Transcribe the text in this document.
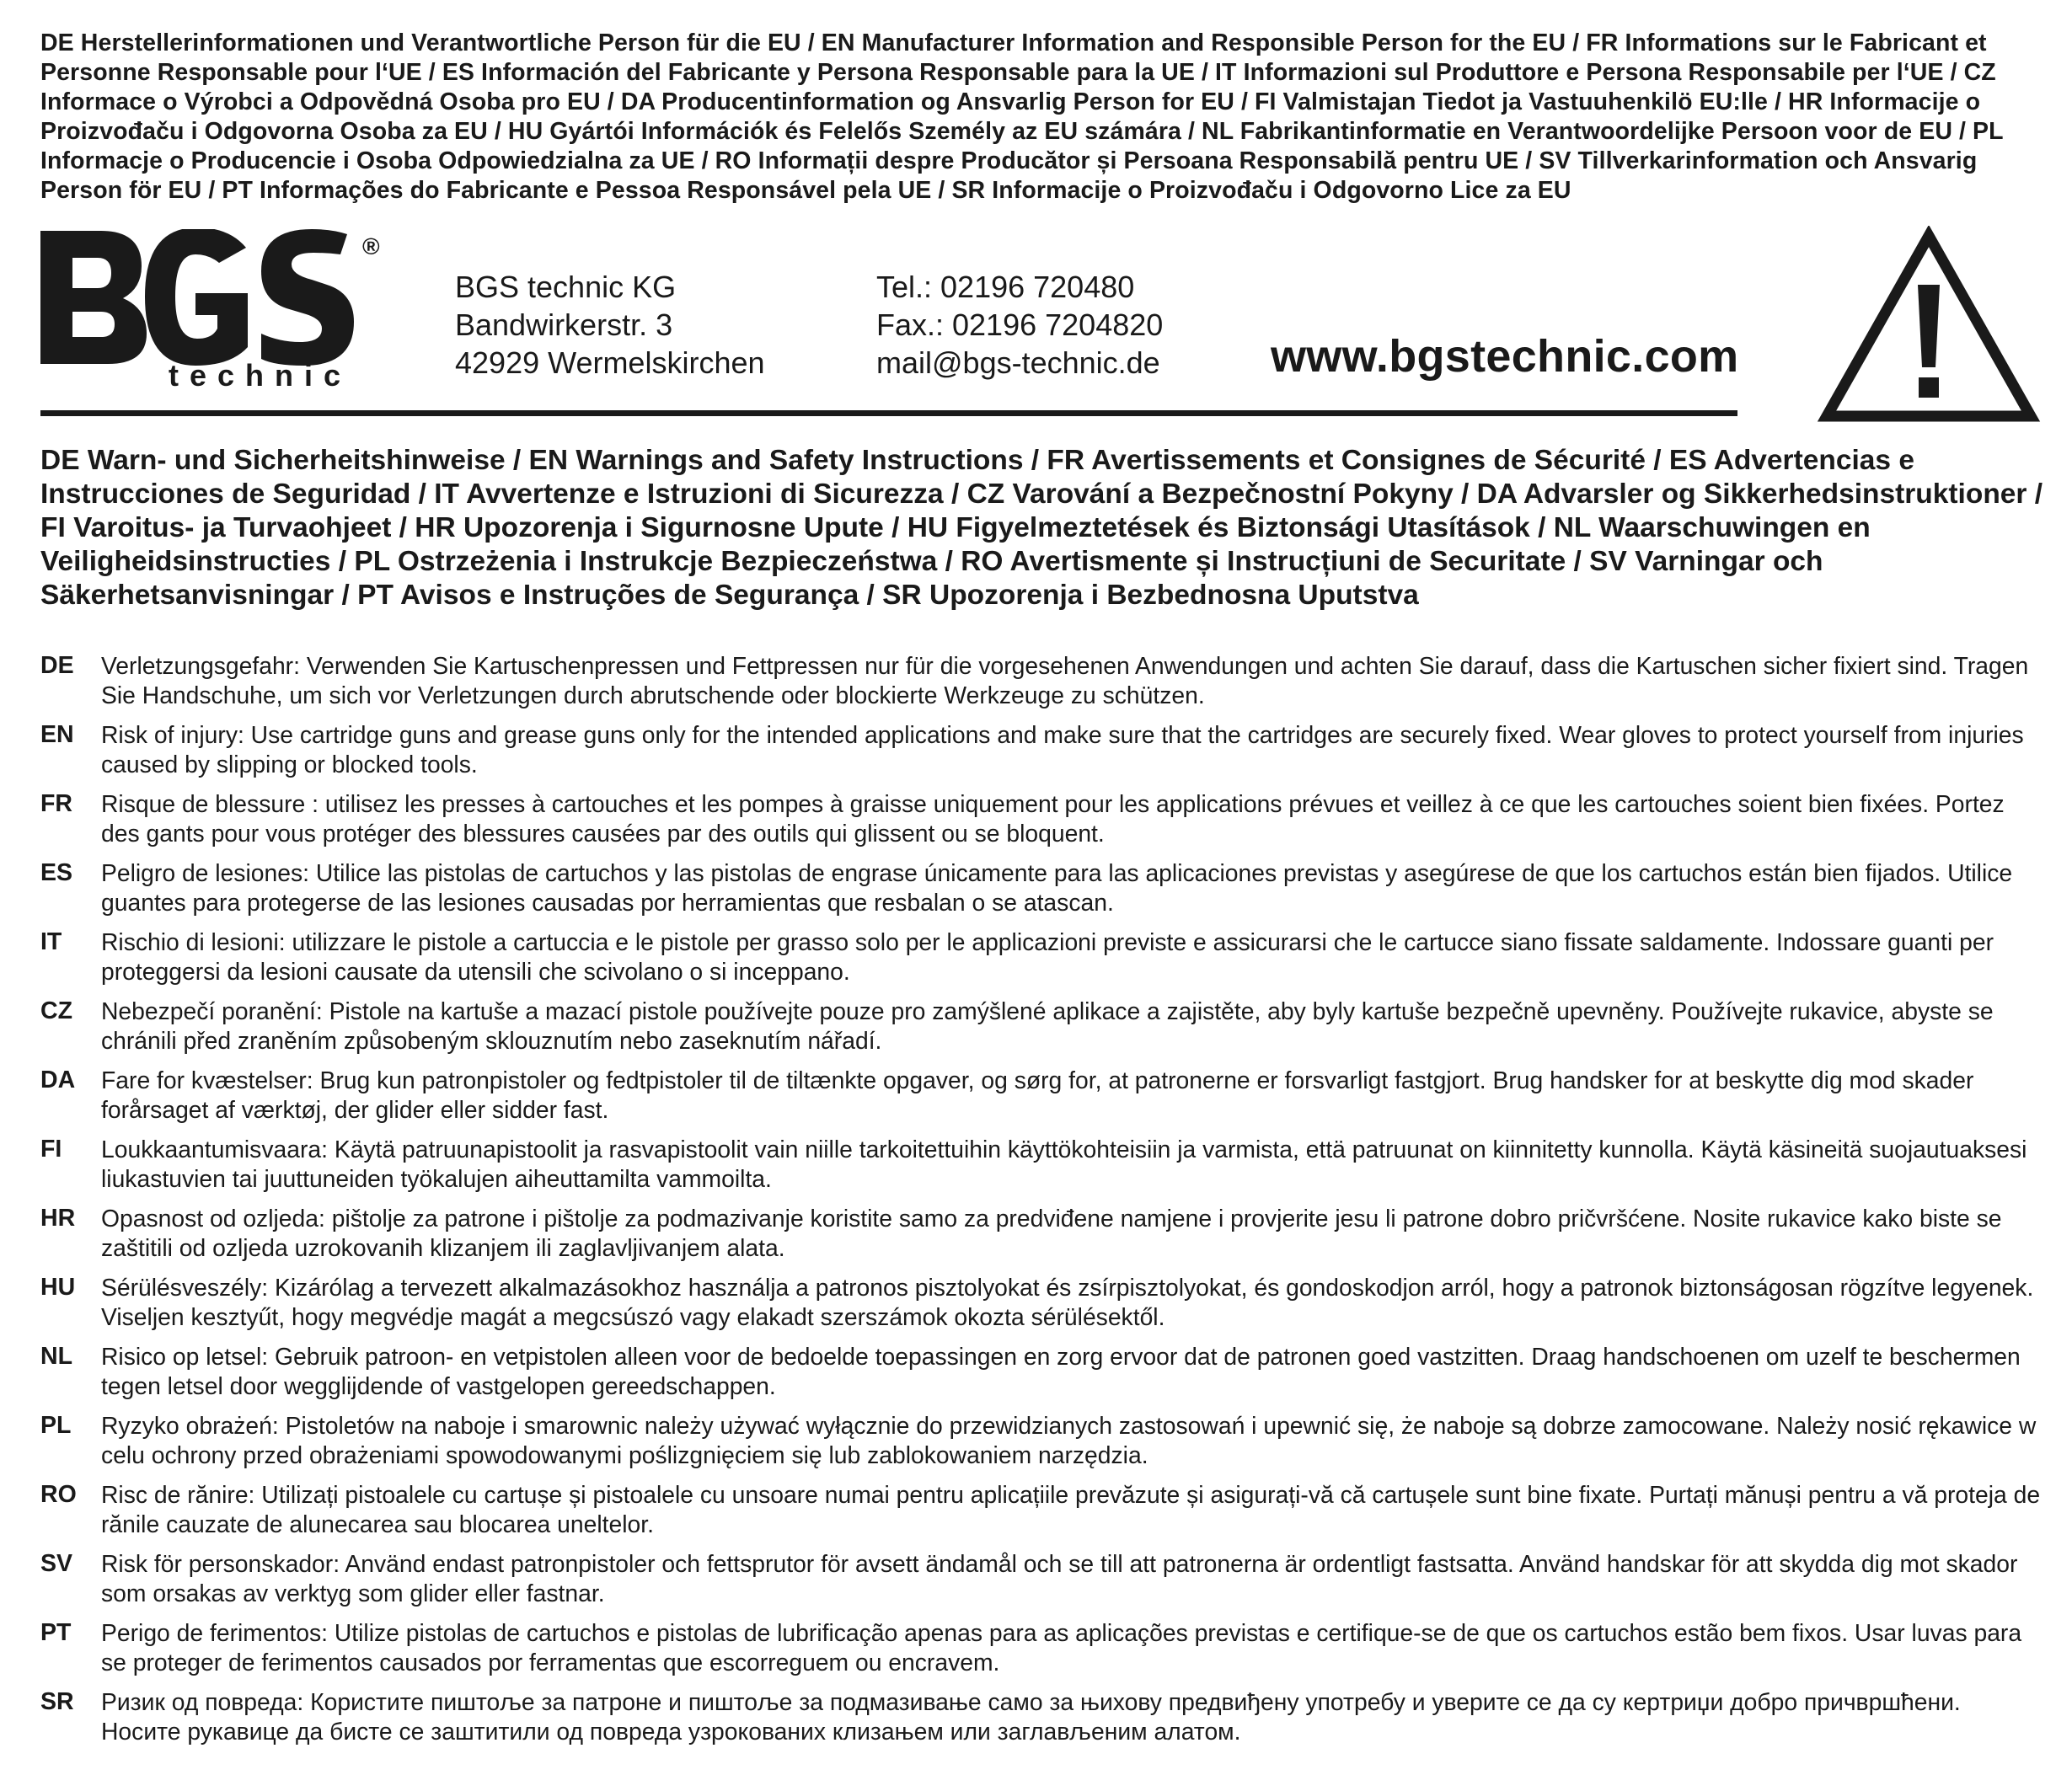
DE Herstellerinformationen und Verantwortliche Person für die EU / EN Manufacturer Information and Responsible Person for the EU / FR Informations sur le Fabricant et Personne Responsable pour l‘UE / ES Información del Fabricante y Persona Responsable para la UE / IT Informazioni sul Produttore e Persona Responsabile per l‘UE / CZ Informace o Výrobci a Odpovědná Osoba pro EU / DA Producentinformation og Ansvarlig Person for EU / FI Valmistajan Tiedot ja Vastuuhenkilö EU:lle / HR Informacije o Proizvođaču i Odgovorna Osoba za EU / HU Gyártói Információk és Felelős Személy az EU számára / NL Fabrikantinformatie en Verantwoordelijke Persoon voor de EU / PL Informacje o Producencie i Osoba Odpowiedzialna za UE / RO Informații despre Producător și Persoana Responsabilă pentru UE / SV Tillverkarinformation och Ansvarig Person för EU / PT Informações do Fabricante e Pessoa Responsável pela UE / SR Informacije o Proizvođaču i Odgovorno Lice za EU
®
technic
BGS technic KG
Bandwirkerstr. 3
42929 Wermelskirchen
Tel.: 02196 720480
Fax.: 02196 7204820
mail@bgs-technic.de www.bgstechnic.com
DE Warn- und Sicherheitshinweise / EN Warnings and Safety Instructions / FR Avertissements et Consignes de Sécurité / ES Advertencias e Instrucciones de Seguridad / IT Avvertenze e Istruzioni di Sicurezza / CZ Varování a Bezpečnostní Pokyny / DA Advarsler og Sikkerhedsinstruktioner / FI Varoitus- ja Turvaohjeet / HR Upozorenja i Sigurnosne Upute / HU Figyelmeztetések és Biztonsági Utasítások / NL Waarschuwingen en Veiligheidsinstructies / PL Ostrzeżenia i Instrukcje Bezpieczeństwa / RO Avertismente și Instrucțiuni de Securitate / SV Varningar och Säkerhetsanvisningar / PT Avisos e Instruções de Segurança / SR Upozorenja i Bezbednosna Uputstva
DE	Verletzungsgefahr: Verwenden Sie Kartuschenpressen und Fettpressen nur für die vorgesehenen Anwendungen und achten Sie darauf, dass die Kartuschen sicher fixiert sind. Tragen Sie Handschuhe, um sich vor Verletzungen durch abrutschende oder blockierte Werkzeuge zu schützen.
EN	Risk of injury: Use cartridge guns and grease guns only for the intended applications and make sure that the cartridges are securely fixed. Wear gloves to protect yourself from injuries caused by slipping or blocked tools.
FR	Risque de blessure : utilisez les presses à cartouches et les pompes à graisse uniquement pour les applications prévues et veillez à ce que les cartouches soient bien fixées. Portez des gants pour vous protéger des blessures causées par des outils qui glissent ou se bloquent.
ES	Peligro de lesiones: Utilice las pistolas de cartuchos y las pistolas de engrase únicamente para las aplicaciones previstas y asegúrese de que los cartuchos están bien fijados. Utilice guantes para protegerse de las lesiones causadas por herramientas que resbalan o se atascan.
IT	Rischio di lesioni: utilizzare le pistole a cartuccia e le pistole per grasso solo per le applicazioni previste e assicurarsi che le cartucce siano fissate saldamente. Indossare guanti per proteggersi da lesioni causate da utensili che scivolano o si inceppano.
CZ	Nebezpečí poranění: Pistole na kartuše a mazací pistole používejte pouze pro zamýšlené aplikace a zajistěte, aby byly kartuše bezpečně upevněny. Používejte rukavice, abyste se chránili před zraněním způsobeným sklouznutím nebo zaseknutím nářadí.
DA	Fare for kvæstelser: Brug kun patronpistoler og fedtpistoler til de tiltænkte opgaver, og sørg for, at patronerne er forsvarligt fastgjort. Brug handsker for at beskytte dig mod skader forårsaget af værktøj, der glider eller sidder fast.
FI	Loukkaantumisvaara: Käytä patruunapistoolit ja rasvapistoolit vain niille tarkoitettuihin käyttökohteisiin ja varmista, että patruunat on kiinnitetty kunnolla. Käytä käsineitä suojautuaksesi liukastuvien tai juuttuneiden työkalujen aiheuttamilta vammoilta.
HR	Opasnost od ozljeda: pištolje za patrone i pištolje za podmazivanje koristite samo za predviđene namjene i provjerite jesu li patrone dobro pričvršćene. Nosite rukavice kako biste se zaštitili od ozljeda uzrokovanih klizanjem ili zaglavljivanjem alata.
HU	Sérülésveszély: Kizárólag a tervezett alkalmazásokhoz használja a patronos pisztolyokat és zsírpisztolyokat, és gondoskodjon arról, hogy a patronok biztonságosan rögzítve legyenek. Viseljen kesztyűt, hogy megvédje magát a megcsúszó vagy elakadt szerszámok okozta sérülésektől.
NL	Risico op letsel: Gebruik patroon- en vetpistolen alleen voor de bedoelde toepassingen en zorg ervoor dat de patronen goed vastzitten. Draag handschoenen om uzelf te beschermen tegen letsel door wegglijdende of vastgelopen gereedschappen.
PL	Ryzyko obrażeń: Pistoletów na naboje i smarownic należy używać wyłącznie do przewidzianych zastosowań i upewnić się, że naboje są dobrze zamocowane. Należy nosić rękawice w celu ochrony przed obrażeniami spowodowanymi poślizgnięciem się lub zablokowaniem narzędzia.
RO	Risc de rănire: Utilizați pistoalele cu cartușe și pistoalele cu unsoare numai pentru aplicațiile prevăzute și asigurați-vă că cartușele sunt bine fixate. Purtați mănuși pentru a vă proteja de rănile cauzate de alunecarea sau blocarea uneltelor.
SV	Risk för personskador: Använd endast patronpistoler och fettsprutor för avsett ändamål och se till att patronerna är ordentligt fastsatta. Använd handskar för att skydda dig mot skador som orsakas av verktyg som glider eller fastnar.
PT	Perigo de ferimentos: Utilize pistolas de cartuchos e pistolas de lubrificação apenas para as aplicações previstas e certifique-se de que os cartuchos estão bem fixos. Usar luvas para se proteger de ferimentos causados por ferramentas que escorreguem ou encravem.
SR	Ризик од повреда: Користите пиштоље за патроне и пиштоље за подмазивање само за њихову предвиђену употребу и уверите се да су кертриџи добро причвршћени. Носите рукавице да бисте се заштитили од повреда узрокованих клизањем или заглављеним алатом.
